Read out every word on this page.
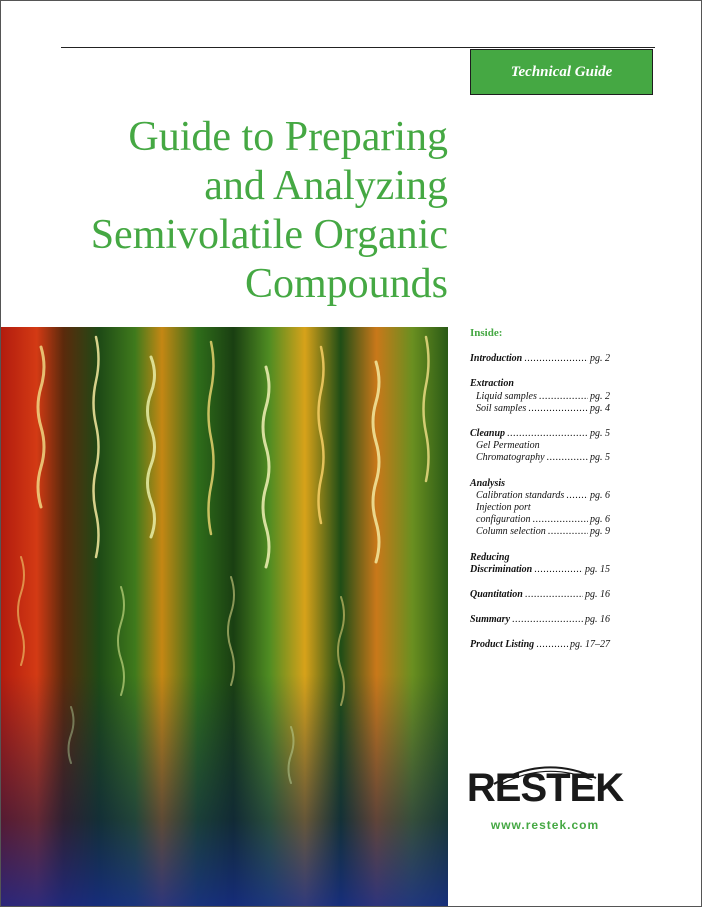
Technical Guide
Guide to Preparing
and Analyzing
Semivolatile Organic
Compounds
Inside:
Introduction .....	pg. 2
Extraction
Liquid samples .....	pg. 2
Soil samples .....	pg. 4
Cleanup .....	pg. 5
Gel Permeation
Chromatography .....	pg. 5
Analysis
Calibration standards .....	pg. 6
Injection port
configuration .....	pg. 6
Column selection .....	pg. 9
Reducing
Discrimination .....	pg. 15
Quantitation .....	pg. 16
Summary .....	pg. 16
Product Listing .....	pg. 17–27
RESTEK
www.restek.com
